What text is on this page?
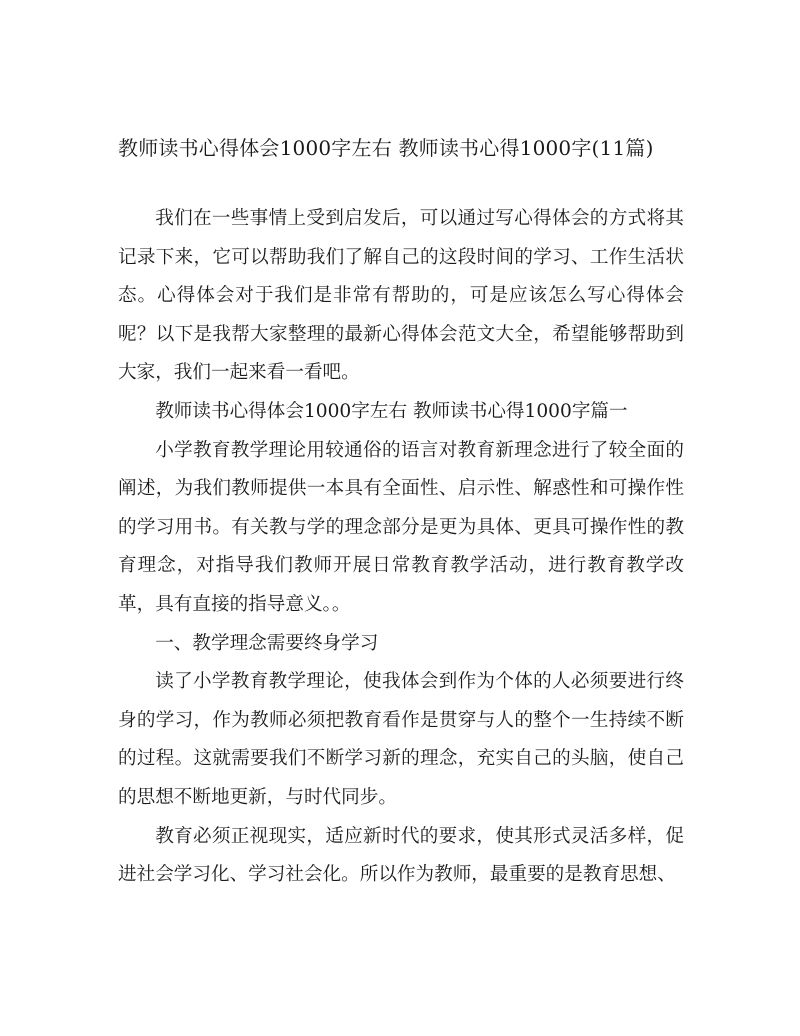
教师读书心得体会1000字左右 教师读书心得1000字(11篇)

我们在一些事情上受到启发后，可以通过写心得体会的方式将其记录下来，它可以帮助我们了解自己的这段时间的学习、工作生活状态。心得体会对于我们是非常有帮助的，可是应该怎么写心得体会呢？以下是我帮大家整理的最新心得体会范文大全，希望能够帮助到大家，我们一起来看一看吧。

教师读书心得体会1000字左右 教师读书心得1000字篇一

小学教育教学理论用较通俗的语言对教育新理念进行了较全面的阐述，为我们教师提供一本具有全面性、启示性、解惑性和可操作性的学习用书。有关教与学的理念部分是更为具体、更具可操作性的教育理念，对指导我们教师开展日常教育教学活动，进行教育教学改革，具有直接的指导意义。。

一、教学理念需要终身学习

读了小学教育教学理论，使我体会到作为个体的人必须要进行终身的学习，作为教师必须把教育看作是贯穿与人的整个一生持续不断的过程。这就需要我们不断学习新的理念，充实自己的头脑，使自己的思想不断地更新，与时代同步。

教育必须正视现实，适应新时代的要求，使其形式灵活多样，促进社会学习化、学习社会化。所以作为教师，最重要的是教育思想、
